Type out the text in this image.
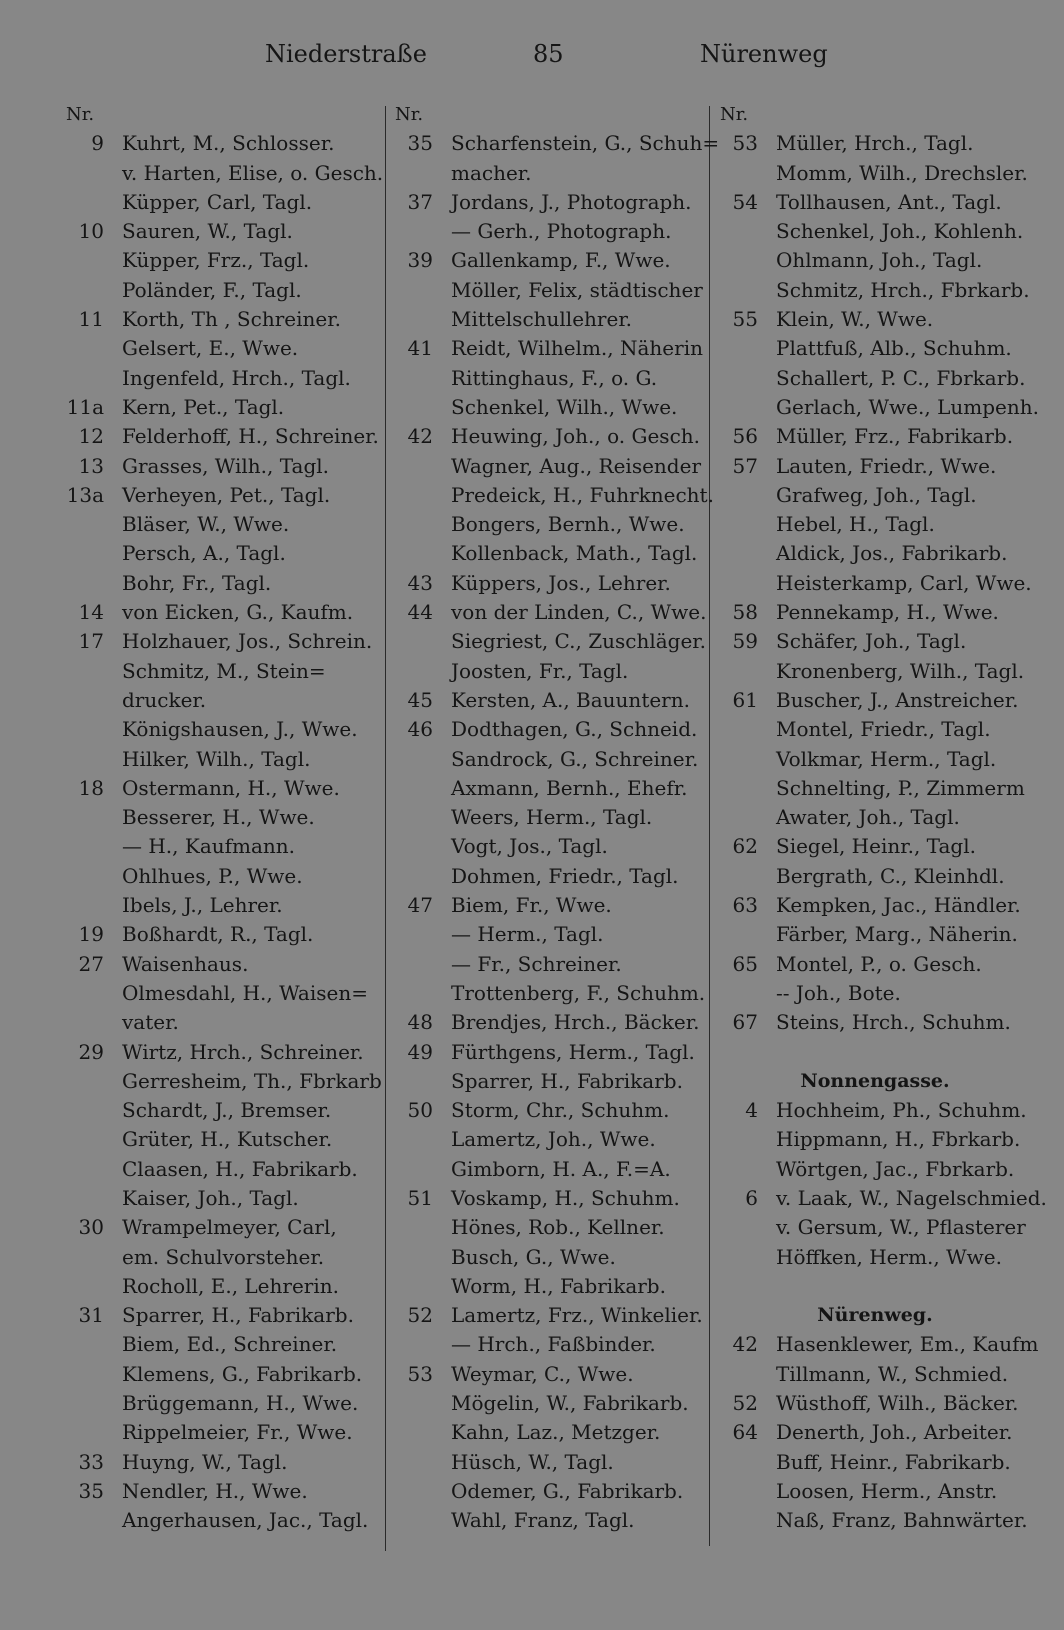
Niederstraße	85	Nürenweg
Nr.
9 Kuhrt, M., Schlosser.
v. Harten, Elise, o. Gesch.
Küpper, Carl, Tagl.
10 Sauren, W., Tagl.
Küpper, Frz., Tagl.
Poländer, F., Tagl.
11 Korth, Th , Schreiner.
Gelsert, E., Wwe.
Ingenfeld, Hrch., Tagl.
11a Kern, Pet., Tagl.
12 Felderhoff, H., Schreiner.
13 Grasses, Wilh., Tagl.
13a Verheyen, Pet., Tagl.
Bläser, W., Wwe.
Persch, A., Tagl.
Bohr, Fr., Tagl.
14 von Eicken, G., Kaufm.
17 Holzhauer, Jos., Schrein.
Schmitz, M., Stein=
drucker.
Königshausen, J., Wwe.
Hilker, Wilh., Tagl.
18 Ostermann, H., Wwe.
Besserer, H., Wwe.
— H., Kaufmann.
Ohlhues, P., Wwe.
Ibels, J., Lehrer.
19 Boßhardt, R., Tagl.
27 Waisenhaus.
Olmesdahl, H., Waisen=
vater.
29 Wirtz, Hrch., Schreiner.
Gerresheim, Th., Fbrkarb
Schardt, J., Bremser.
Grüter, H., Kutscher.
Claasen, H., Fabrikarb.
Kaiser, Joh., Tagl.
30 Wrampelmeyer, Carl,
em. Schulvorsteher.
Rocholl, E., Lehrerin.
31 Sparrer, H., Fabrikarb.
Biem, Ed., Schreiner.
Klemens, G., Fabrikarb.
Brüggemann, H., Wwe.
Rippelmeier, Fr., Wwe.
33 Huyng, W., Tagl.
35 Nendler, H., Wwe.
Angerhausen, Jac., Tagl.
Nr.
35 Scharfenstein, G., Schuh=
macher.
37 Jordans, J., Photograph.
— Gerh., Photograph.
39 Gallenkamp, F., Wwe.
Möller, Felix, städtischer
Mittelschullehrer.
41 Reidt, Wilhelm., Näherin
Rittinghaus, F., o. G.
Schenkel, Wilh., Wwe.
42 Heuwing, Joh., o. Gesch.
Wagner, Aug., Reisender
Predeick, H., Fuhrknecht.
Bongers, Bernh., Wwe.
Kollenback, Math., Tagl.
43 Küppers, Jos., Lehrer.
44 von der Linden, C., Wwe.
Siegriest, C., Zuschläger.
Joosten, Fr., Tagl.
45 Kersten, A., Bauuntern.
46 Dodthagen, G., Schneid.
Sandrock, G., Schreiner.
Axmann, Bernh., Ehefr.
Weers, Herm., Tagl.
Vogt, Jos., Tagl.
Dohmen, Friedr., Tagl.
47 Biem, Fr., Wwe.
— Herm., Tagl.
— Fr., Schreiner.
Trottenberg, F., Schuhm.
48 Brendjes, Hrch., Bäcker.
49 Fürthgens, Herm., Tagl.
Sparrer, H., Fabrikarb.
50 Storm, Chr., Schuhm.
Lamertz, Joh., Wwe.
Gimborn, H. A., F.=A.
51 Voskamp, H., Schuhm.
Hönes, Rob., Kellner.
Busch, G., Wwe.
Worm, H., Fabrikarb.
52 Lamertz, Frz., Winkelier.
— Hrch., Faßbinder.
53 Weymar, C., Wwe.
Mögelin, W., Fabrikarb.
Kahn, Laz., Metzger.
Hüsch, W., Tagl.
Odemer, G., Fabrikarb.
Wahl, Franz, Tagl.
Nr.
53 Müller, Hrch., Tagl.
Momm, Wilh., Drechsler.
54 Tollhausen, Ant., Tagl.
Schenkel, Joh., Kohlenh.
Ohlmann, Joh., Tagl.
Schmitz, Hrch., Fbrkarb.
55 Klein, W., Wwe.
Plattfuß, Alb., Schuhm.
Schallert, P. C., Fbrkarb.
Gerlach, Wwe., Lumpenh.
56 Müller, Frz., Fabrikarb.
57 Lauten, Friedr., Wwe.
Grafweg, Joh., Tagl.
Hebel, H., Tagl.
Aldick, Jos., Fabrikarb.
Heisterkamp, Carl, Wwe.
58 Pennekamp, H., Wwe.
59 Schäfer, Joh., Tagl.
Kronenberg, Wilh., Tagl.
61 Buscher, J., Anstreicher.
Montel, Friedr., Tagl.
Volkmar, Herm., Tagl.
Schnelting, P., Zimmerm
Awater, Joh., Tagl.
62 Siegel, Heinr., Tagl.
Bergrath, C., Kleinhdl.
63 Kempken, Jac., Händler.
Färber, Marg., Näherin.
65 Montel, P., o. Gesch.
-- Joh., Bote.
67 Steins, Hrch., Schuhm.
Nonnengasse.
4 Hochheim, Ph., Schuhm.
Hippmann, H., Fbrkarb.
Wörtgen, Jac., Fbrkarb.
6 v. Laak, W., Nagelschmied.
v. Gersum, W., Pflasterer
Höffken, Herm., Wwe.
Nürenweg.
42 Hasenklewer, Em., Kaufm
Tillmann, W., Schmied.
52 Wüsthoff, Wilh., Bäcker.
64 Denerth, Joh., Arbeiter.
Buff, Heinr., Fabrikarb.
Loosen, Herm., Anstr.
Naß, Franz, Bahnwärter.
